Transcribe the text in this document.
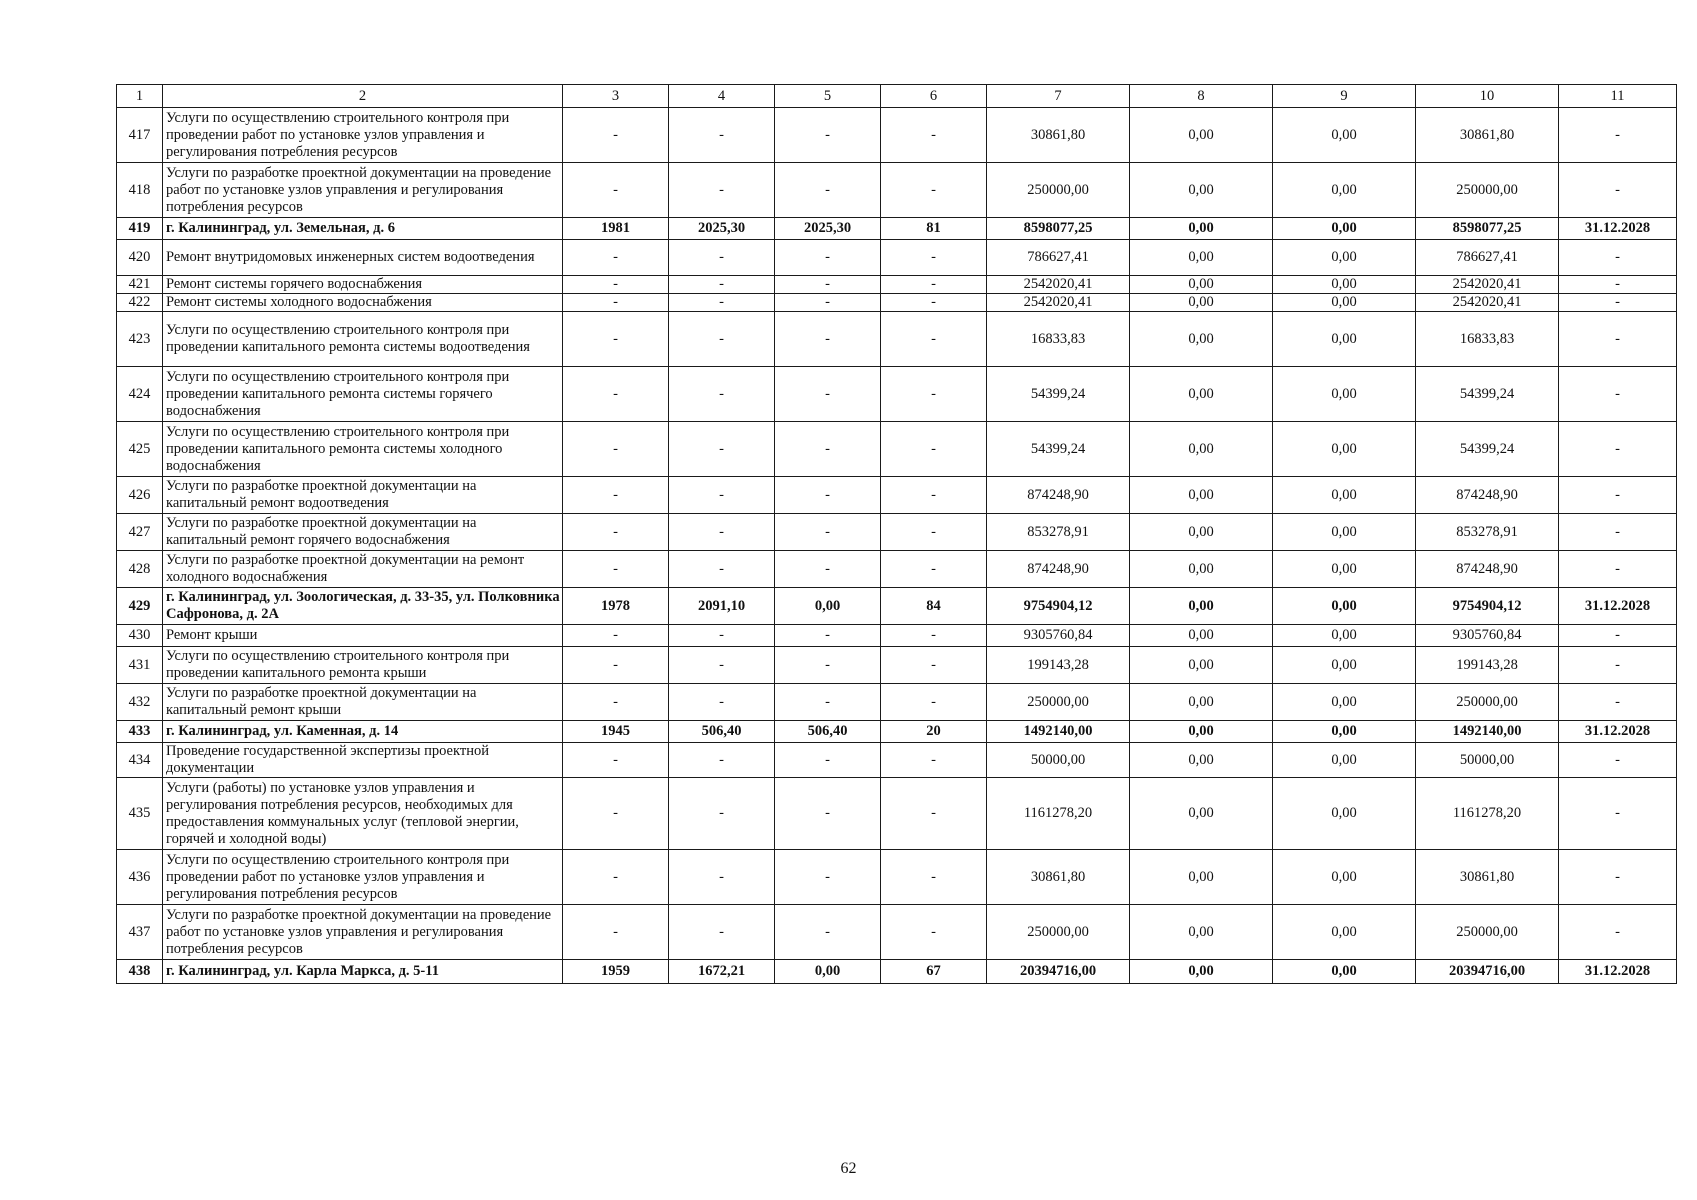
1	2	3	4	5	6	7	8	9	10	11
417	Услуги по осуществлению строительного контроля при проведении работ по установке узлов управления и регулирования потребления ресурсов	-	-	-	-	30861,80	0,00	0,00	30861,80	-
418	Услуги по разработке проектной документации на проведение работ по установке узлов управления и регулирования потребления ресурсов	-	-	-	-	250000,00	0,00	0,00	250000,00	-
419	г. Калининград, ул. Земельная, д. 6	1981	2025,30	2025,30	81	8598077,25	0,00	0,00	8598077,25	31.12.2028
420	Ремонт внутридомовых инженерных систем водоотведения	-	-	-	-	786627,41	0,00	0,00	786627,41	-
421	Ремонт системы горячего водоснабжения	-	-	-	-	2542020,41	0,00	0,00	2542020,41	-
422	Ремонт системы холодного водоснабжения	-	-	-	-	2542020,41	0,00	0,00	2542020,41	-
423	Услуги по осуществлению строительного контроля при проведении капитального ремонта системы водоотведения	-	-	-	-	16833,83	0,00	0,00	16833,83	-
424	Услуги по осуществлению строительного контроля при проведении капитального ремонта системы горячего водоснабжения	-	-	-	-	54399,24	0,00	0,00	54399,24	-
425	Услуги по осуществлению строительного контроля при проведении капитального ремонта системы холодного водоснабжения	-	-	-	-	54399,24	0,00	0,00	54399,24	-
426	Услуги по разработке проектной документации на капитальный ремонт водоотведения	-	-	-	-	874248,90	0,00	0,00	874248,90	-
427	Услуги по разработке проектной документации на капитальный ремонт горячего водоснабжения	-	-	-	-	853278,91	0,00	0,00	853278,91	-
428	Услуги по разработке проектной документации на ремонт холодного водоснабжения	-	-	-	-	874248,90	0,00	0,00	874248,90	-
429	г. Калининград, ул. Зоологическая, д. 33-35, ул. Полковника Сафронова, д. 2А	1978	2091,10	0,00	84	9754904,12	0,00	0,00	9754904,12	31.12.2028
430	Ремонт крыши	-	-	-	-	9305760,84	0,00	0,00	9305760,84	-
431	Услуги по осуществлению строительного контроля при проведении капитального ремонта крыши	-	-	-	-	199143,28	0,00	0,00	199143,28	-
432	Услуги по разработке проектной документации на капитальный ремонт крыши	-	-	-	-	250000,00	0,00	0,00	250000,00	-
433	г. Калининград, ул. Каменная, д. 14	1945	506,40	506,40	20	1492140,00	0,00	0,00	1492140,00	31.12.2028
434	Проведение государственной экспертизы проектной документации	-	-	-	-	50000,00	0,00	0,00	50000,00	-
435	Услуги (работы) по установке узлов управления и регулирования потребления ресурсов, необходимых для предоставления коммунальных услуг (тепловой энергии, горячей и холодной воды)	-	-	-	-	1161278,20	0,00	0,00	1161278,20	-
436	Услуги по осуществлению строительного контроля при проведении работ по установке узлов управления и регулирования потребления ресурсов	-	-	-	-	30861,80	0,00	0,00	30861,80	-
437	Услуги по разработке проектной документации на проведение работ по установке узлов управления и регулирования потребления ресурсов	-	-	-	-	250000,00	0,00	0,00	250000,00	-
438	г. Калининград, ул. Карла Маркса, д. 5-11	1959	1672,21	0,00	67	20394716,00	0,00	0,00	20394716,00	31.12.2028
62
